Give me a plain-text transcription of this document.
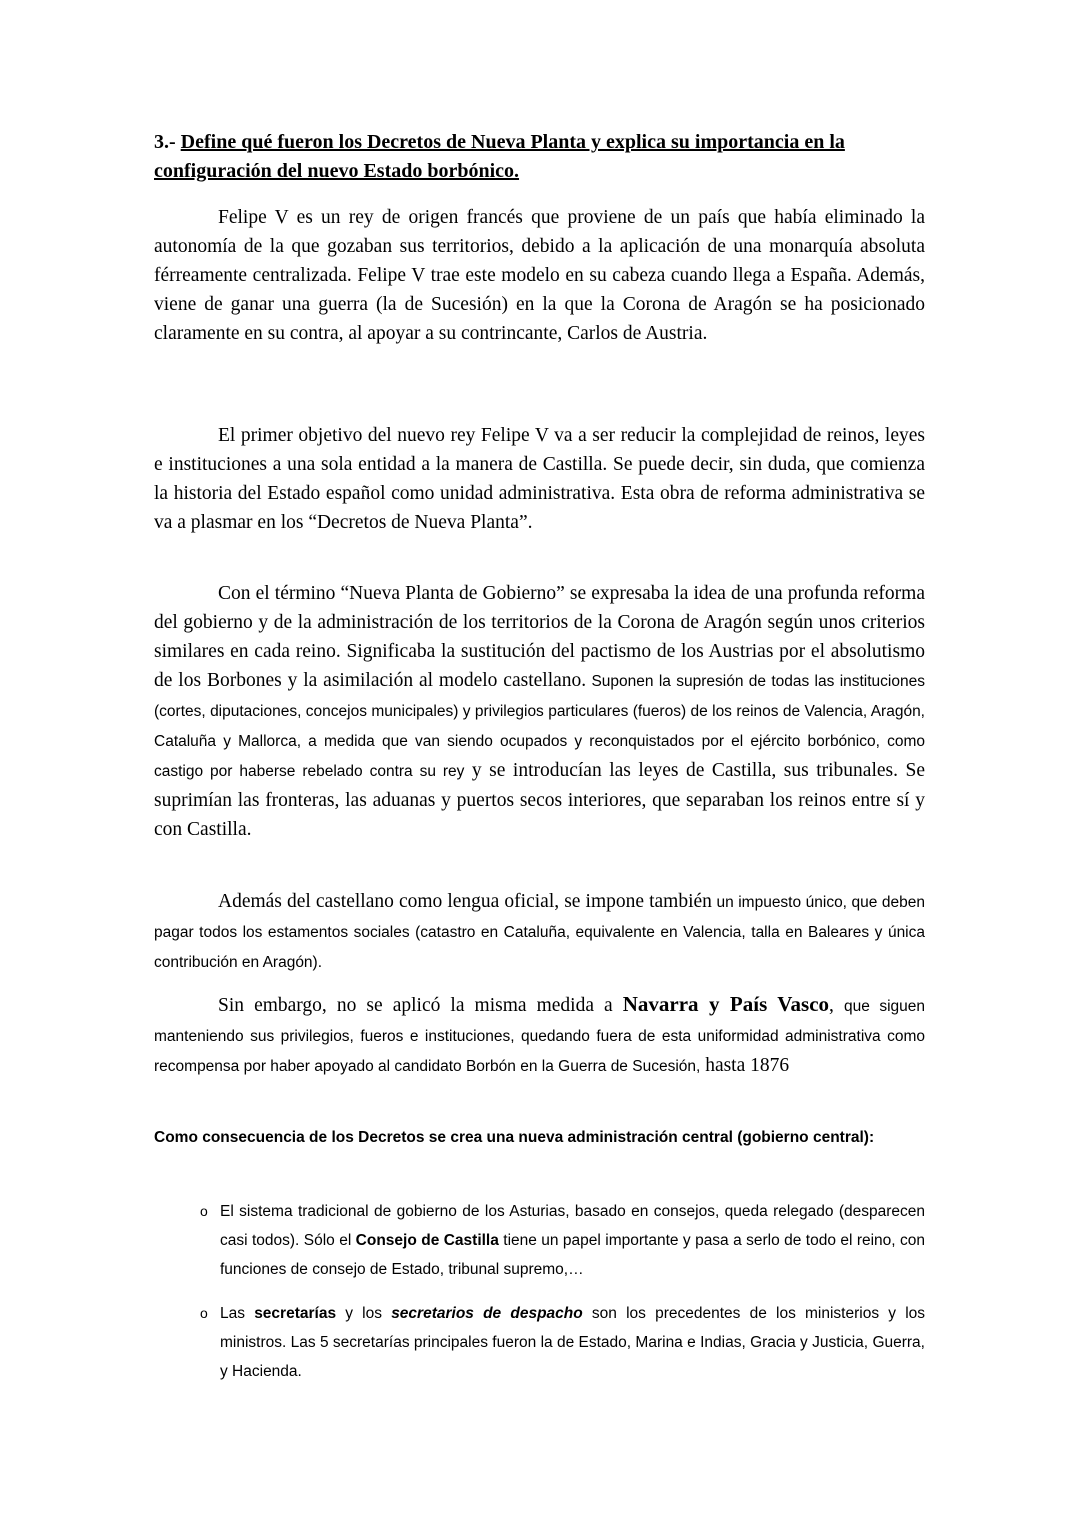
3.- Define qué fueron los Decretos de Nueva Planta y explica su importancia en la configuración del nuevo Estado borbónico.
Felipe V es un rey de origen francés que proviene de un país que había eliminado la autonomía de la que gozaban sus territorios, debido a la aplicación de una monarquía absoluta férreamente centralizada. Felipe V trae este modelo en su cabeza cuando llega a España. Además, viene de ganar una guerra (la de Sucesión) en la que la Corona de Aragón se ha posicionado claramente en su contra, al apoyar a su contrincante, Carlos de Austria.
El primer objetivo del nuevo rey Felipe V va a ser reducir la complejidad de reinos, leyes e instituciones a una sola entidad a la manera de Castilla. Se puede decir, sin duda, que comienza la historia del Estado español como unidad administrativa. Esta obra de reforma administrativa se va a plasmar en los “Decretos de Nueva Planta”.
Con el término “Nueva Planta de Gobierno” se expresaba la idea de una profunda reforma del gobierno y de la administración de los territorios de la Corona de Aragón según unos criterios similares en cada reino. Significaba la sustitución del pactismo de los Austrias por el absolutismo de los Borbones y la asimilación al modelo castellano. Suponen la supresión de todas las instituciones (cortes, diputaciones, concejos municipales) y privilegios particulares (fueros) de los reinos de Valencia, Aragón, Cataluña y Mallorca, a medida que van siendo ocupados y reconquistados por el ejército borbónico, como castigo por haberse rebelado contra su rey y se introducían las leyes de Castilla, sus tribunales. Se suprimían las fronteras, las aduanas y puertos secos interiores, que separaban los reinos entre sí y con Castilla.
Además del castellano como lengua oficial, se impone también un impuesto único, que deben pagar todos los estamentos sociales (catastro en Cataluña, equivalente en Valencia, talla en Baleares y única contribución en Aragón).
Sin embargo, no se aplicó la misma medida a Navarra y País Vasco, que siguen manteniendo sus privilegios, fueros e instituciones, quedando fuera de esta uniformidad administrativa como recompensa por haber apoyado al candidato Borbón en la Guerra de Sucesión, hasta 1876
Como consecuencia de los Decretos se crea una nueva administración central (gobierno central):
o El sistema tradicional de gobierno de los Asturias, basado en consejos, queda relegado (desparecen casi todos). Sólo el Consejo de Castilla tiene un papel importante y pasa a serlo de todo el reino, con funciones de consejo de Estado, tribunal supremo,…
o Las secretarías y los secretarios de despacho son los precedentes de los ministerios y los ministros. Las 5 secretarías principales fueron la de Estado, Marina e Indias, Gracia y Justicia, Guerra, y Hacienda.
